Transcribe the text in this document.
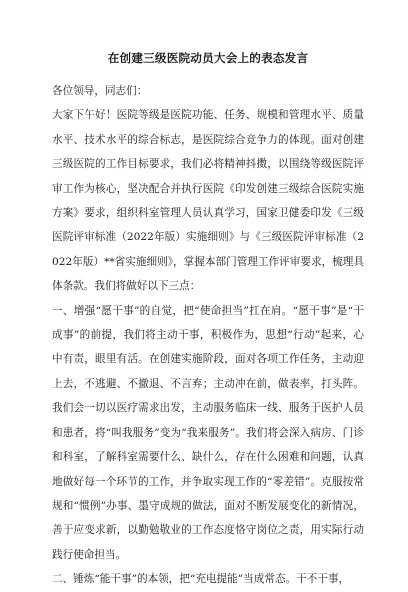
在创建三级医院动员大会上的表态发言

各位领导，同志们：

大家下午好！医院等级是医院功能、任务、规模和管理水平、质量水平、技术水平的综合标志，是医院综合竞争力的体现。面对创建三级医院的工作目标要求，我们必将精神抖擞，以围绕等级医院评审工作为核心，坚决配合并执行医院《印发创建三级综合医院实施方案》要求，组织科室管理人员认真学习，国家卫健委印发《三级医院评审标准（2022年版）实施细则》与《三级医院评审标准（2022年版）**省实施细则》，掌握本部门管理工作评审要求，梳理具体条款。我们将做好以下三点：

一、增强“愿干事”的自觉，把“使命担当”扛在肩。“愿干事”是“干成事”的前提，我们将主动干事，积极作为，思想“行动”起来，心中有责，眼里有活。在创建实施阶段，面对各项工作任务，主动迎上去，不逃避、不撤退、不言弃；主动冲在前，做表率，打头阵。我们会一切以医疗需求出发，主动服务临床一线、服务于医护人员和患者，将“叫我服务”变为“我来服务”。我们将会深入病房、门诊和科室，了解科室需要什么、缺什么，存在什么困难和问题，认真地做好每一个环节的工作，并争取实现工作的“零差错”。克服按常规和“惯例”办事、墨守成规的做法，面对不断发展变化的新情况，善于应变求新，以勤勉敬业的工作态度恪守岗位之责，用实际行动践行使命担当。

二、锤炼“能干事”的本领，把“充电提能”当成常态。干不干事，
